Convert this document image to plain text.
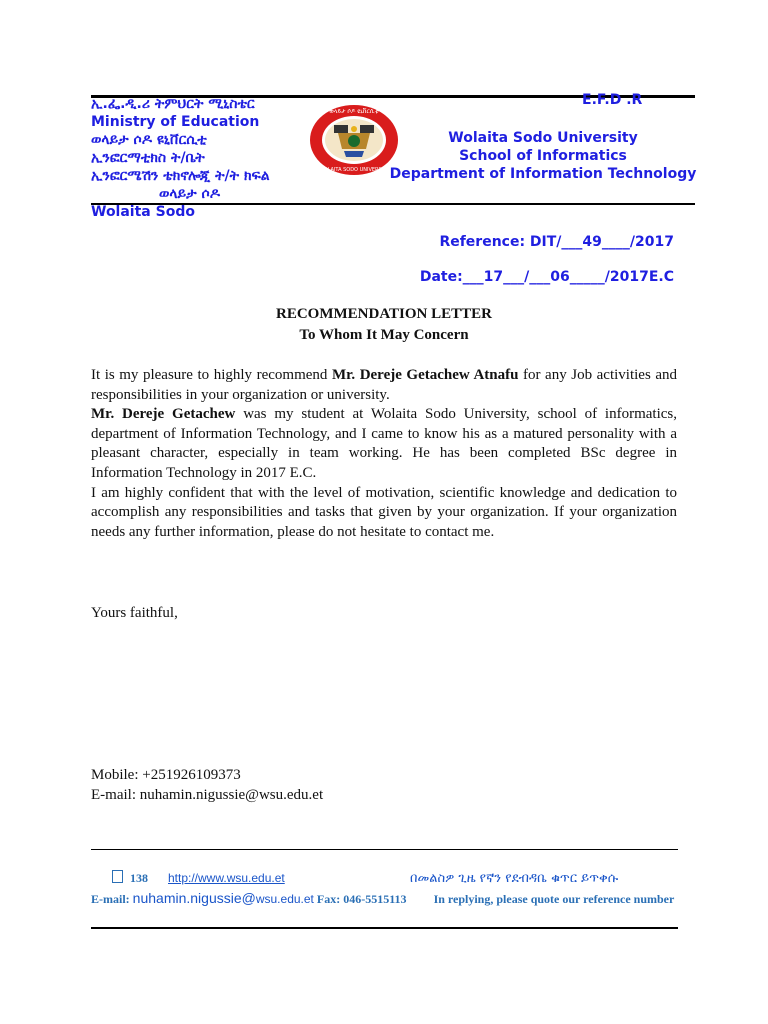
ኢ.ፌ.ዲ.ሪ ትምህርት ሚኒስቴር
Ministry of Education
ወላይታ ሶዶ ዩኒቨርሲቲ
ኢንፎርማቲክስ ት/ቤት
ኢንፎርሜሽን ቴክኖሎጂ ት/ት ክፍል
ወላይታ ሶዶ
Wolaita Sodo
E.F.D .R
ወላይታ ሶዶ ዩኒቨርሲቲ
WOLAITA SODO UNIVERSITY
Wolaita Sodo University
School of Informatics
Department of Information Technology
Reference: DIT/___49____/2017
Date:___17___/___06_____/2017E.C
RECOMMENDATION LETTER
To Whom It May Concern

It is my pleasure to highly recommend Mr. Dereje Getachew Atnafu for any Job activities and responsibilities in your organization or university.

Mr. Dereje Getachew was my student at Wolaita Sodo University, school of informatics, department of Information Technology, and I came to know his as a matured personality with a pleasant character, especially in team working. He has been completed BSc degree in Information Technology in 2017 E.C.

I am highly confident that with the level of motivation, scientific knowledge and dedication to accomplish any responsibilities and tasks that given by your organization. If your organization needs any further information, please do not hesitate to contact me.

Yours faithful,
Mobile: +251926109373
E-mail: nuhamin.nigussie@wsu.edu.et
138 http://www.wsu.edu.et	በመልስዎ ጊዜ የኛን የደብዳቤ ቁጥር ይጥቀሱ
E-mail: nuhamin.nigussie@wsu.edu.et Fax: 046-5515113 In replying, please quote our reference number
